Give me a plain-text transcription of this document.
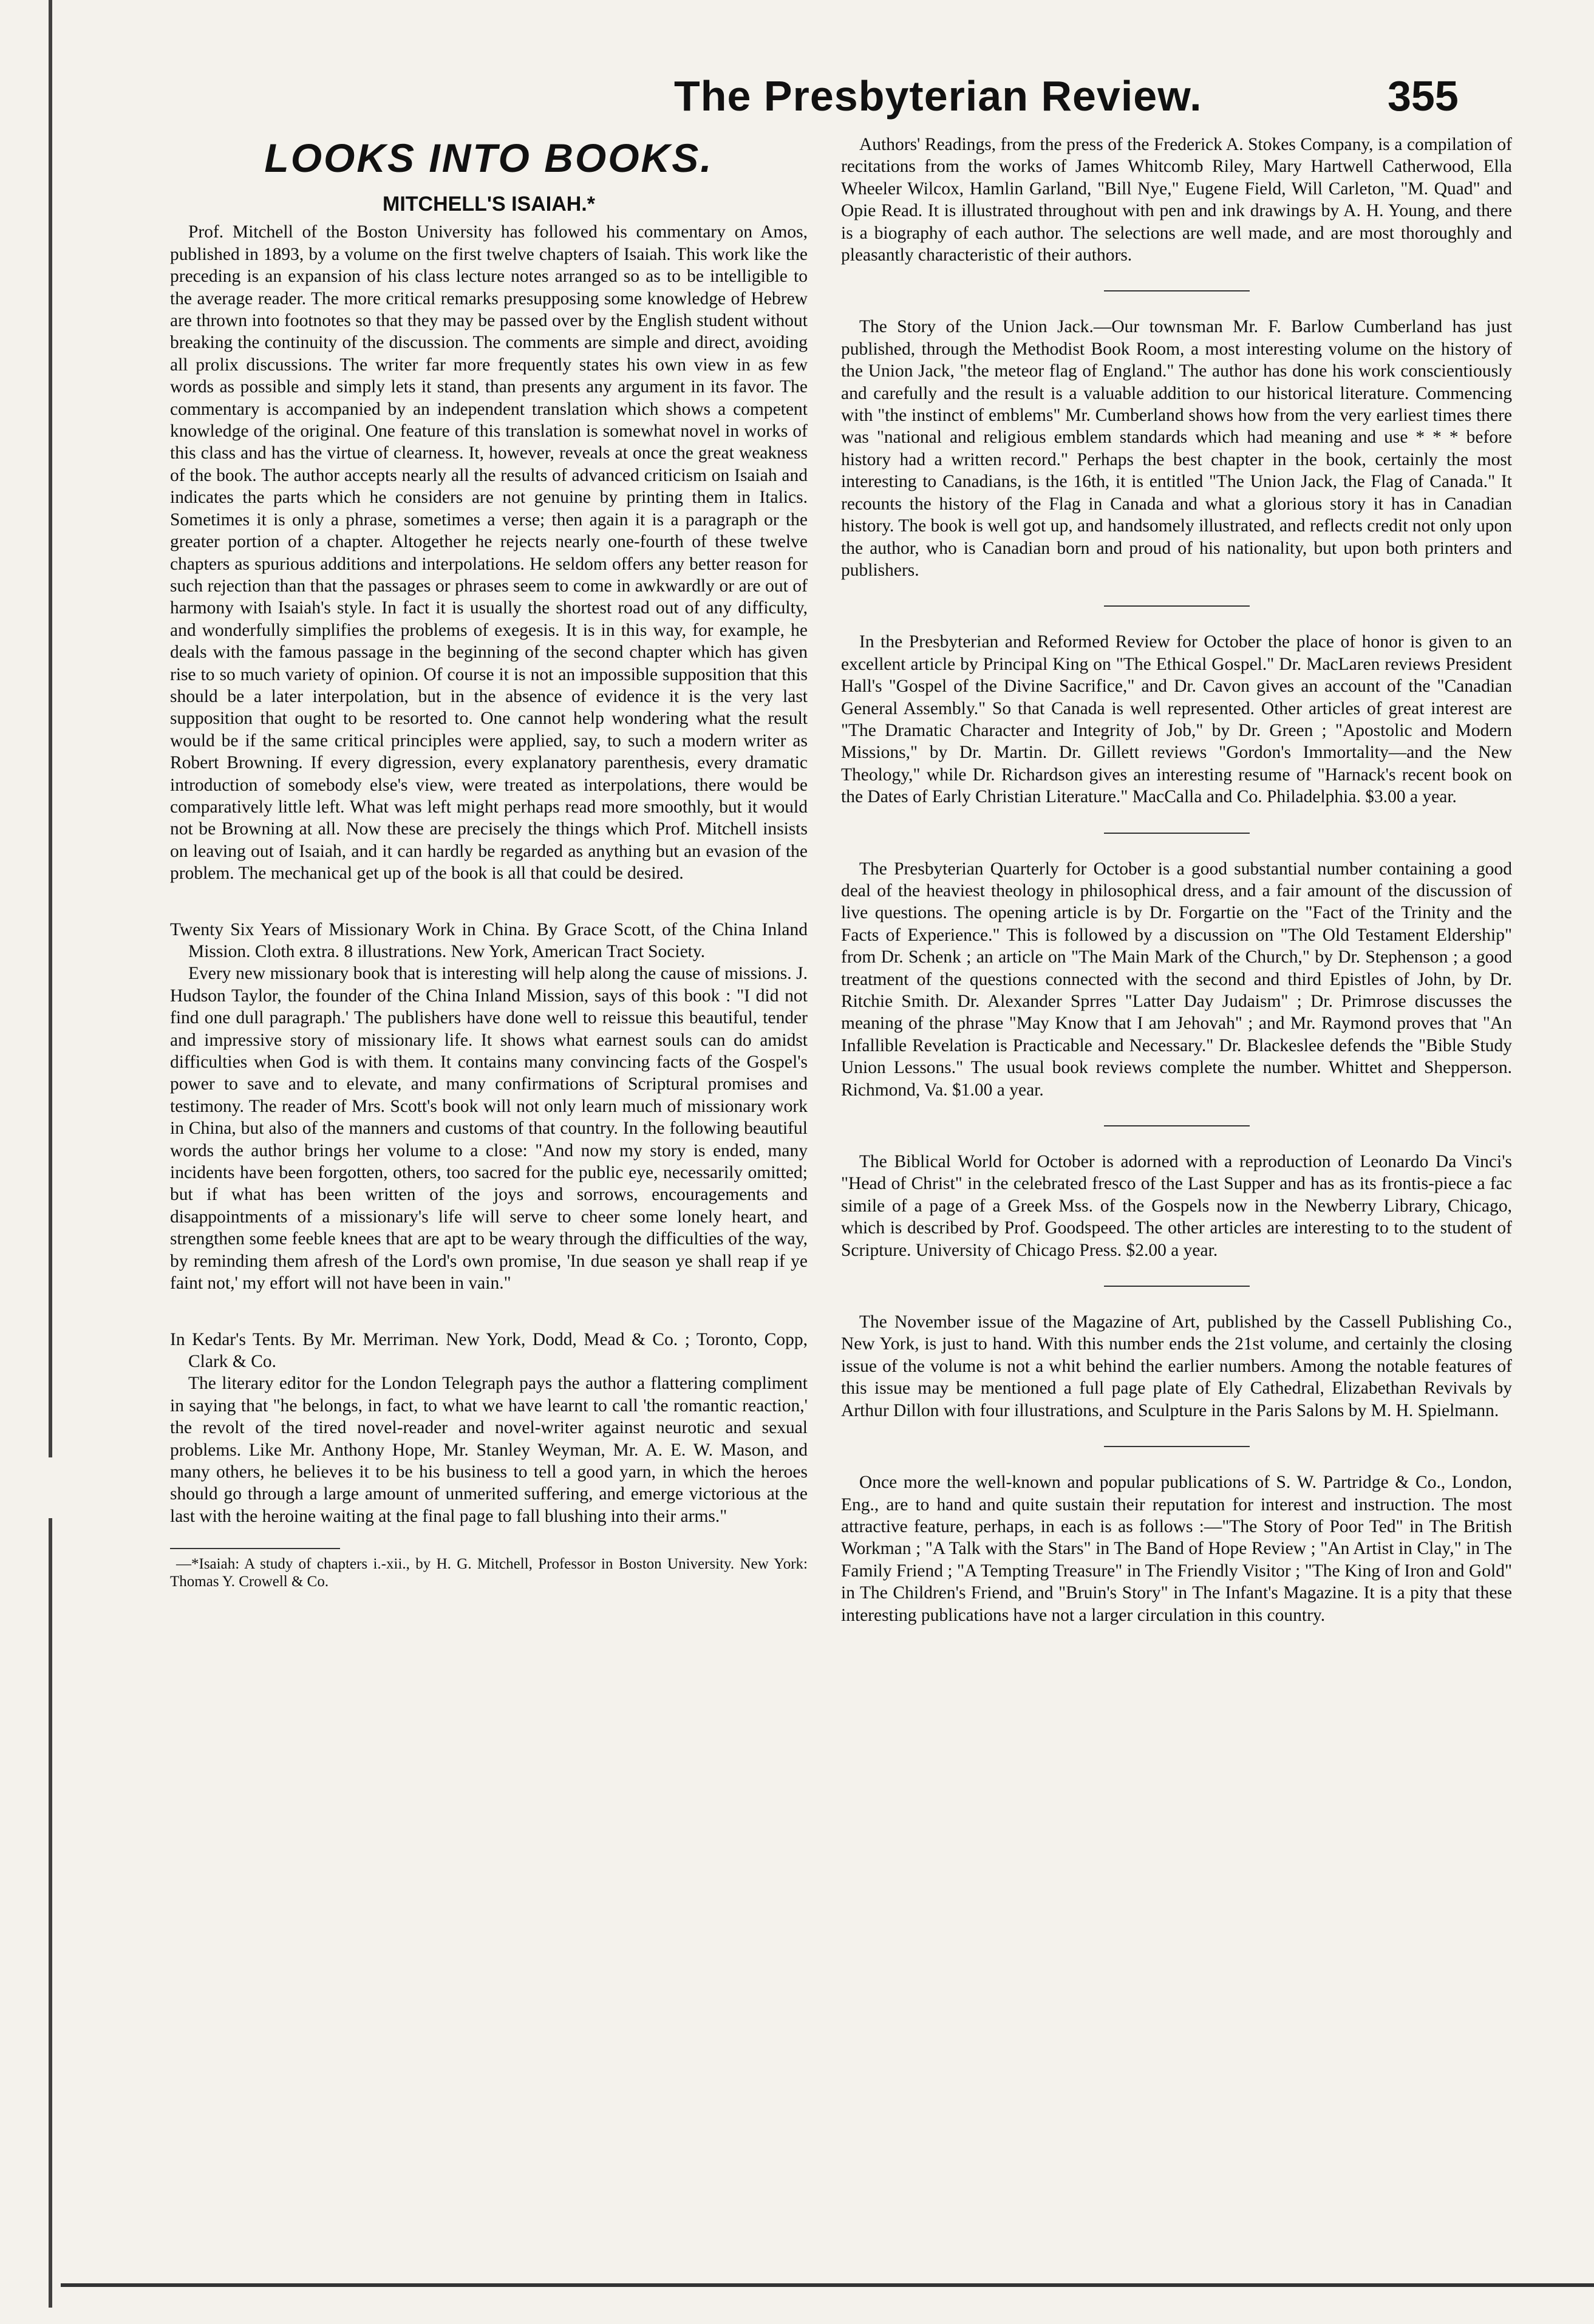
The Presbyterian Review.	355
LOOKS INTO BOOKS.
MITCHELL'S ISAIAH.*

Prof. Mitchell of the Boston University has followed his commentary on Amos, published in 1893, by a volume on the first twelve chapters of Isaiah. This work like the preceding is an expansion of his class lecture notes arranged so as to be intelligible to the average reader. The more critical remarks presupposing some knowledge of Hebrew are thrown into footnotes so that they may be passed over by the English student without breaking the continuity of the discussion. The comments are simple and direct, avoiding all prolix discussions. The writer far more frequently states his own view in as few words as possible and simply lets it stand, than presents any argument in its favor. The commentary is accompanied by an independent translation which shows a competent knowledge of the original. One feature of this translation is somewhat novel in works of this class and has the virtue of clearness. It, however, reveals at once the great weakness of the book. The author accepts nearly all the results of advanced criticism on Isaiah and indicates the parts which he considers are not genuine by printing them in Italics. Sometimes it is only a phrase, sometimes a verse; then again it is a paragraph or the greater portion of a chapter. Altogether he rejects nearly one-fourth of these twelve chapters as spurious additions and interpolations. He seldom offers any better reason for such rejection than that the passages or phrases seem to come in awkwardly or are out of harmony with Isaiah's style. In fact it is usually the shortest road out of any difficulty, and wonderfully simplifies the problems of exegesis. It is in this way, for example, he deals with the famous passage in the beginning of the second chapter which has given rise to so much variety of opinion. Of course it is not an impossible supposition that this should be a later interpolation, but in the absence of evidence it is the very last supposition that ought to be resorted to. One cannot help wondering what the result would be if the same critical principles were applied, say, to such a modern writer as Robert Browning. If every digression, every explanatory parenthesis, every dramatic introduction of somebody else's view, were treated as interpolations, there would be comparatively little left. What was left might perhaps read more smoothly, but it would not be Browning at all. Now these are precisely the things which Prof. Mitchell insists on leaving out of Isaiah, and it can hardly be regarded as anything but an evasion of the problem. The mechanical get up of the book is all that could be desired.

Twenty Six Years of Missionary Work in China. By Grace Scott, of the China Inland Mission. Cloth extra. 8 illustrations. New York, American Tract Society.

Every new missionary book that is interesting will help along the cause of missions. J. Hudson Taylor, the founder of the China Inland Mission, says of this book : "I did not find one dull paragraph.' The publishers have done well to reissue this beautiful, tender and impressive story of missionary life. It shows what earnest souls can do amidst difficulties when God is with them. It contains many convincing facts of the Gospel's power to save and to elevate, and many confirmations of Scriptural promises and testimony. The reader of Mrs. Scott's book will not only learn much of missionary work in China, but also of the manners and customs of that country. In the following beautiful words the author brings her volume to a close: "And now my story is ended, many incidents have been forgotten, others, too sacred for the public eye, necessarily omitted; but if what has been written of the joys and sorrows, encouragements and disappointments of a missionary's life will serve to cheer some lonely heart, and strengthen some feeble knees that are apt to be weary through the difficulties of the way, by reminding them afresh of the Lord's own promise, 'In due season ye shall reap if ye faint not,' my effort will not have been in vain."

In Kedar's Tents. By Mr. Merriman. New York, Dodd, Mead & Co. ; Toronto, Copp, Clark & Co.

The literary editor for the London Telegraph pays the author a flattering compliment in saying that "he belongs, in fact, to what we have learnt to call 'the romantic reaction,' the revolt of the tired novel-reader and novel-writer against neurotic and sexual problems. Like Mr. Anthony Hope, Mr. Stanley Weyman, Mr. A. E. W. Mason, and many others, he believes it to be his business to tell a good yarn, in which the heroes should go through a large amount of unmerited suffering, and emerge victorious at the last with the heroine waiting at the final page to fall blushing into their arms."

—*Isaiah: A study of chapters i.-xii., by H. G. Mitchell, Professor in Boston University. New York: Thomas Y. Crowell & Co.

Authors' Readings, from the press of the Frederick A. Stokes Company, is a compilation of recitations from the works of James Whitcomb Riley, Mary Hartwell Catherwood, Ella Wheeler Wilcox, Hamlin Garland, "Bill Nye," Eugene Field, Will Carleton, "M. Quad" and Opie Read. It is illustrated throughout with pen and ink drawings by A. H. Young, and there is a biography of each author. The selections are well made, and are most thoroughly and pleasantly characteristic of their authors.

The Story of the Union Jack.—Our townsman Mr. F. Barlow Cumberland has just published, through the Methodist Book Room, a most interesting volume on the history of the Union Jack, "the meteor flag of England." The author has done his work conscientiously and carefully and the result is a valuable addition to our historical literature. Commencing with "the instinct of emblems" Mr. Cumberland shows how from the very earliest times there was "national and religious emblem standards which had meaning and use * * * before history had a written record." Perhaps the best chapter in the book, certainly the most interesting to Canadians, is the 16th, it is entitled "The Union Jack, the Flag of Canada." It recounts the history of the Flag in Canada and what a glorious story it has in Canadian history. The book is well got up, and handsomely illustrated, and reflects credit not only upon the author, who is Canadian born and proud of his nationality, but upon both printers and publishers.

In the Presbyterian and Reformed Review for October the place of honor is given to an excellent article by Principal King on "The Ethical Gospel." Dr. MacLaren reviews President Hall's "Gospel of the Divine Sacrifice," and Dr. Cavon gives an account of the "Canadian General Assembly." So that Canada is well represented. Other articles of great interest are "The Dramatic Character and Integrity of Job," by Dr. Green ; "Apostolic and Modern Missions," by Dr. Martin. Dr. Gillett reviews "Gordon's Immortality—and the New Theology," while Dr. Richardson gives an interesting resume of "Harnack's recent book on the Dates of Early Christian Literature." MacCalla and Co. Philadelphia. $3.00 a year.

The Presbyterian Quarterly for October is a good substantial number containing a good deal of the heaviest theology in philosophical dress, and a fair amount of the discussion of live questions. The opening article is by Dr. Forgartie on the "Fact of the Trinity and the Facts of Experience." This is followed by a discussion on "The Old Testament Eldership" from Dr. Schenk ; an article on "The Main Mark of the Church," by Dr. Stephenson ; a good treatment of the questions connected with the second and third Epistles of John, by Dr. Ritchie Smith. Dr. Alexander Sprres "Latter Day Judaism" ; Dr. Primrose discusses the meaning of the phrase "May Know that I am Jehovah" ; and Mr. Raymond proves that "An Infallible Revelation is Practicable and Necessary." Dr. Blackeslee defends the "Bible Study Union Lessons." The usual book reviews complete the number. Whittet and Shepperson. Richmond, Va. $1.00 a year.

The Biblical World for October is adorned with a reproduction of Leonardo Da Vinci's "Head of Christ" in the celebrated fresco of the Last Supper and has as its frontis-piece a fac simile of a page of a Greek Mss. of the Gospels now in the Newberry Library, Chicago, which is described by Prof. Goodspeed. The other articles are interesting to to the student of Scripture. University of Chicago Press. $2.00 a year.

The November issue of the Magazine of Art, published by the Cassell Publishing Co., New York, is just to hand. With this number ends the 21st volume, and certainly the closing issue of the volume is not a whit behind the earlier numbers. Among the notable features of this issue may be mentioned a full page plate of Ely Cathedral, Elizabethan Revivals by Arthur Dillon with four illustrations, and Sculpture in the Paris Salons by M. H. Spielmann.

Once more the well-known and popular publications of S. W. Partridge & Co., London, Eng., are to hand and quite sustain their reputation for interest and instruction. The most attractive feature, perhaps, in each is as follows :—"The Story of Poor Ted" in The British Workman ; "A Talk with the Stars" in The Band of Hope Review ; "An Artist in Clay," in The Family Friend ; "A Tempting Treasure" in The Friendly Visitor ; "The King of Iron and Gold" in The Children's Friend, and "Bruin's Story" in The Infant's Magazine. It is a pity that these interesting publications have not a larger circulation in this country.
